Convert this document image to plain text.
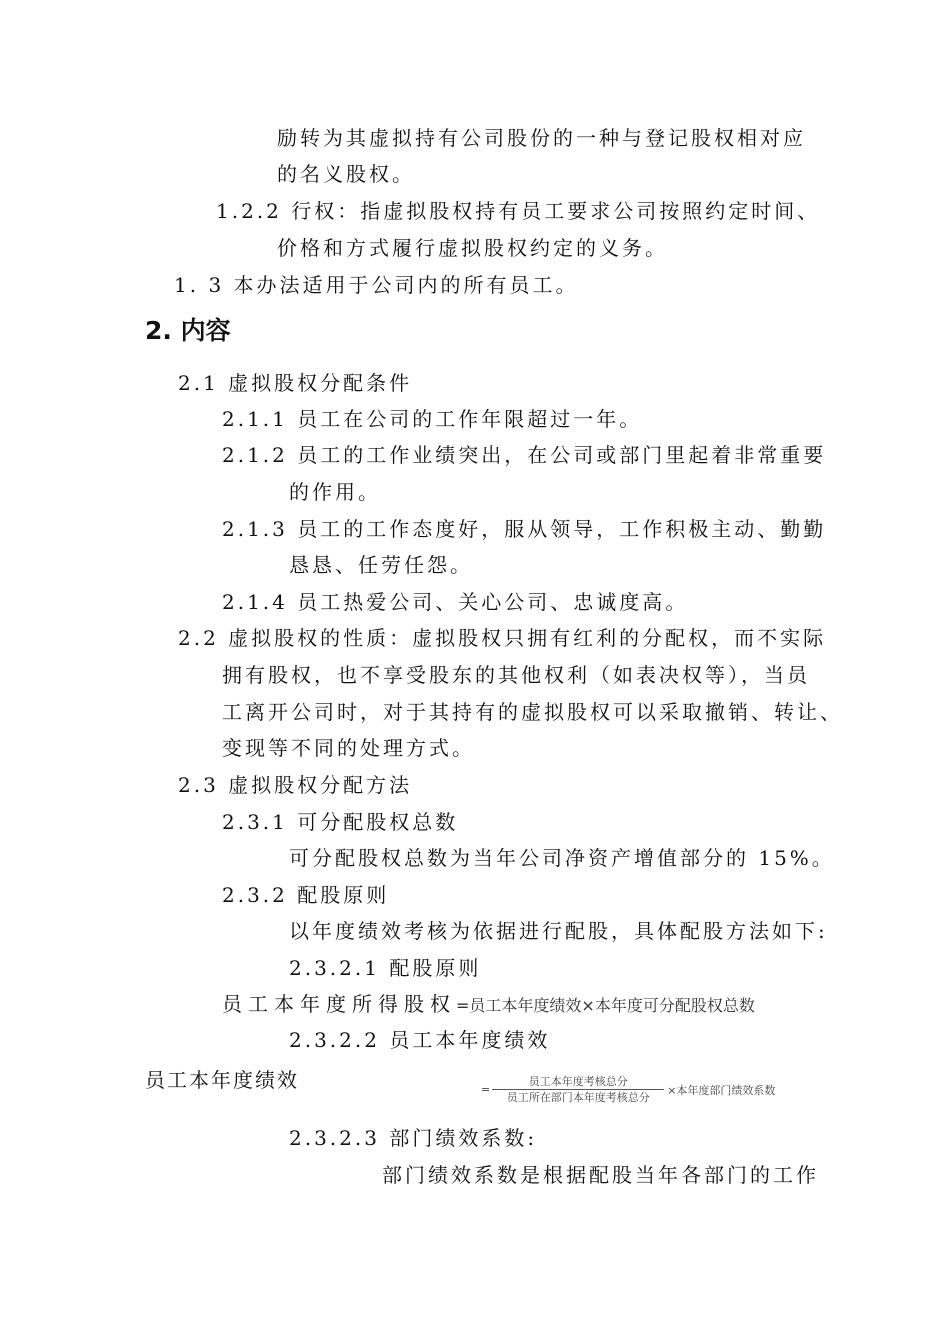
励转为其虚拟持有公司股份的一种与登记股权相对应
的名义股权。
1.2.2 行权：指虚拟股权持有员工要求公司按照约定时间、
价格和方式履行虚拟股权约定的义务。
1. 3 本办法适用于公司内的所有员工。
2. 内容
2.1 虚拟股权分配条件
2.1.1 员工在公司的工作年限超过一年。
2.1.2 员工的工作业绩突出，在公司或部门里起着非常重要
的作用。
2.1.3 员工的工作态度好，服从领导，工作积极主动、勤勤
恳恳、任劳任怨。
2.1.4 员工热爱公司、关心公司、忠诚度高。
2.2 虚拟股权的性质：虚拟股权只拥有红利的分配权，而不实际
拥有股权，也不享受股东的其他权利（如表决权等），当员
工离开公司时，对于其持有的虚拟股权可以采取撤销、转让、
变现等不同的处理方式。
2.3 虚拟股权分配方法
2.3.1 可分配股权总数
可分配股权总数为当年公司净资产增值部分的 15%。
2.3.2 配股原则
以年度绩效考核为依据进行配股，具体配股方法如下:
2.3.2.1 配股原则
员工本年度所得股权=员工本年度绩效×本年度可分配股权总数
2.3.2.2 员工本年度绩效
员工本年度绩效	= $\frac{\text{员工本年度考核总分}}{\text{员工所在部门本年度考核总分}}$ ×本年度部门绩效系数
2.3.2.3 部门绩效系数:
部门绩效系数是根据配股当年各部门的工作
